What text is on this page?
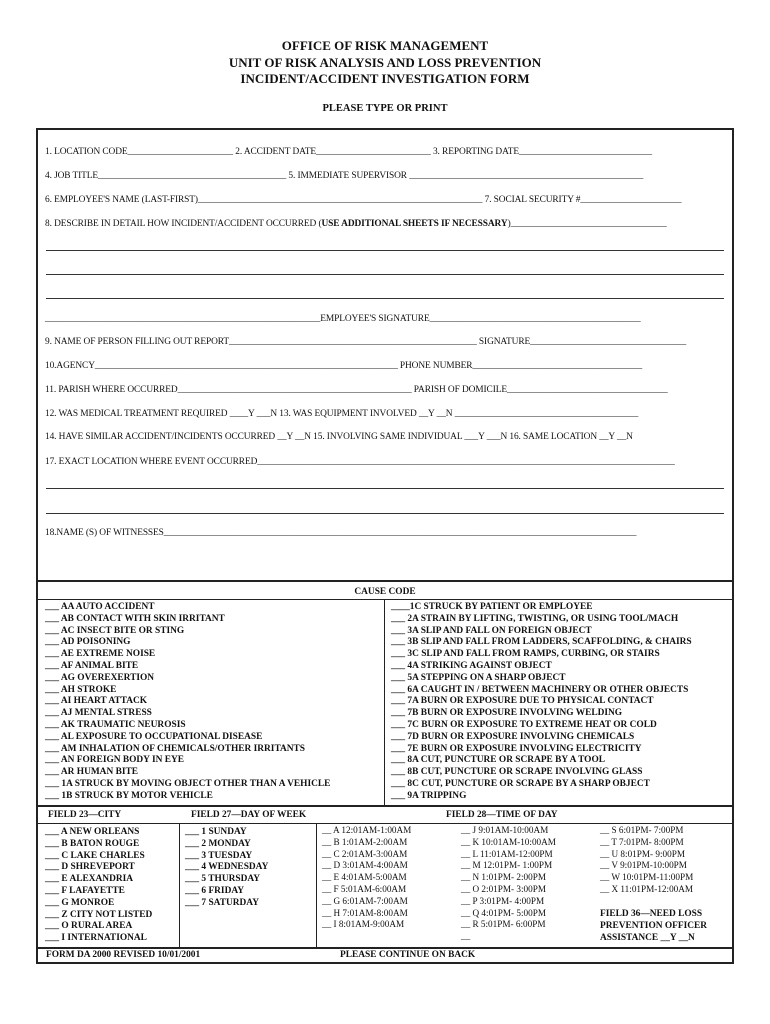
OFFICE OF RISK MANAGEMENT
UNIT OF RISK ANALYSIS AND LOSS PREVENTION
INCIDENT/ACCIDENT INVESTIGATION FORM
PLEASE TYPE OR PRINT
1. LOCATION CODE_______________________ 2. ACCIDENT DATE_________________________ 3. REPORTING DATE_____________________________
4. JOB TITLE_________________________________________ 5. IMMEDIATE SUPERVISOR ___________________________________________________
6. EMPLOYEE'S NAME (LAST-FIRST)______________________________________________________________ 7. SOCIAL SECURITY #______________________
8. DESCRIBE IN DETAIL HOW INCIDENT/ACCIDENT OCCURRED (USE ADDITIONAL SHEETS IF NECESSARY)__________________________________
____________________________________________________________EMPLOYEE'S SIGNATURE______________________________________________
9. NAME OF PERSON FILLING OUT REPORT______________________________________________________ SIGNATURE__________________________________
10.AGENCY__________________________________________________________________ PHONE NUMBER_____________________________________
11. PARISH WHERE OCCURRED___________________________________________________ PARISH OF DOMICILE___________________________________
12. WAS MEDICAL TREATMENT REQUIRED ____Y ___N 13. WAS EQUIPMENT INVOLVED __Y __N ________________________________________
14. HAVE SIMILAR ACCIDENT/INCIDENTS OCCURRED __Y __N 15. INVOLVING SAME INDIVIDUAL ___Y ___N 16. SAME LOCATION __Y __N
17. EXACT LOCATION WHERE EVENT OCCURRED___________________________________________________________________________________________
18.NAME (S) OF WITNESSES_______________________________________________________________________________________________________
CAUSE CODE
___ AA AUTO ACCIDENT
___ AB CONTACT WITH SKIN IRRITANT
___ AC INSECT BITE OR STING
___ AD POISONING
___ AE EXTREME NOISE
___ AF ANIMAL BITE
___ AG OVEREXERTION
___ AH STROKE
___ AI HEART ATTACK
___ AJ MENTAL STRESS
___ AK TRAUMATIC NEUROSIS
___ AL EXPOSURE TO OCCUPATIONAL DISEASE
___ AM INHALATION OF CHEMICALS/OTHER IRRITANTS
___ AN FOREIGN BODY IN EYE
___ AR HUMAN BITE
___ 1A STRUCK BY MOVING OBJECT OTHER THAN A VEHICLE
___ 1B STRUCK BY MOTOR VEHICLE
____1C STRUCK BY PATIENT OR EMPLOYEE
___ 2A STRAIN BY LIFTING, TWISTING, OR USING TOOL/MACH
___ 3A SLIP AND FALL ON FOREIGN OBJECT
___ 3B SLIP AND FALL FROM LADDERS, SCAFFOLDING, & CHAIRS
___ 3C SLIP AND FALL FROM RAMPS, CURBING, OR STAIRS
___ 4A STRIKING AGAINST OBJECT
___ 5A STEPPING ON A SHARP OBJECT
___ 6A CAUGHT IN / BETWEEN MACHINERY OR OTHER OBJECTS
___ 7A BURN OR EXPOSURE DUE TO PHYSICAL CONTACT
___ 7B BURN OR EXPOSURE INVOLVING WELDING
___ 7C BURN OR EXPOSURE TO EXTREME HEAT OR COLD
___ 7D BURN OR EXPOSURE INVOLVING CHEMICALS
___ 7E BURN OR EXPOSURE INVOLVING ELECTRICITY
___ 8A CUT, PUNCTURE OR SCRAPE BY A TOOL
___ 8B CUT, PUNCTURE OR SCRAPE INVOLVING GLASS
___ 8C CUT, PUNCTURE OR SCRAPE BY A SHARP OBJECT
___ 9A TRIPPING
FIELD 23—CITY	FIELD 27—DAY OF WEEK	FIELD 28—TIME OF DAY
___ A NEW ORLEANS
___ B BATON ROUGE
___ C LAKE CHARLES
___ D SHREVEPORT
___ E ALEXANDRIA
___ F LAFAYETTE
___ G MONROE
___ Z CITY NOT LISTED
___ O RURAL AREA
___ I INTERNATIONAL
___ 1 SUNDAY
___ 2 MONDAY
___ 3 TUESDAY
___ 4 WEDNESDAY
___ 5 THURSDAY
___ 6 FRIDAY
___ 7 SATURDAY
__ A 12:01AM-1:00AM
__ B 1:01AM-2:00AM
__ C 2:01AM-3:00AM
__ D 3:01AM-4:00AM
__ E 4:01AM-5:00AM
__ F 5:01AM-6:00AM
__ G 6:01AM-7:00AM
__ H 7:01AM-8:00AM
__ I 8:01AM-9:00AM
__ J 9:01AM-10:00AM
__ K 10:01AM-10:00AM
__ L 11:01AM-12:00PM
__ M 12:01PM- 1:00PM
__ N 1:01PM- 2:00PM
__ O 2:01PM- 3:00PM
__ P 3:01PM- 4:00PM
__ Q 4:01PM- 5:00PM
__ R 5:01PM- 6:00PM
__
__ S 6:01PM- 7:00PM
__ T 7:01PM- 8:00PM
__ U 8:01PM- 9:00PM
__ V 9:01PM-10:00PM
__ W 10:01PM-11:00PM
__ X 11:01PM-12:00AM
FIELD 36—NEED LOSS
PREVENTION OFFICER
ASSISTANCE __Y __N
FORM DA 2000 REVISED 10/01/2001	PLEASE CONTINUE ON BACK
